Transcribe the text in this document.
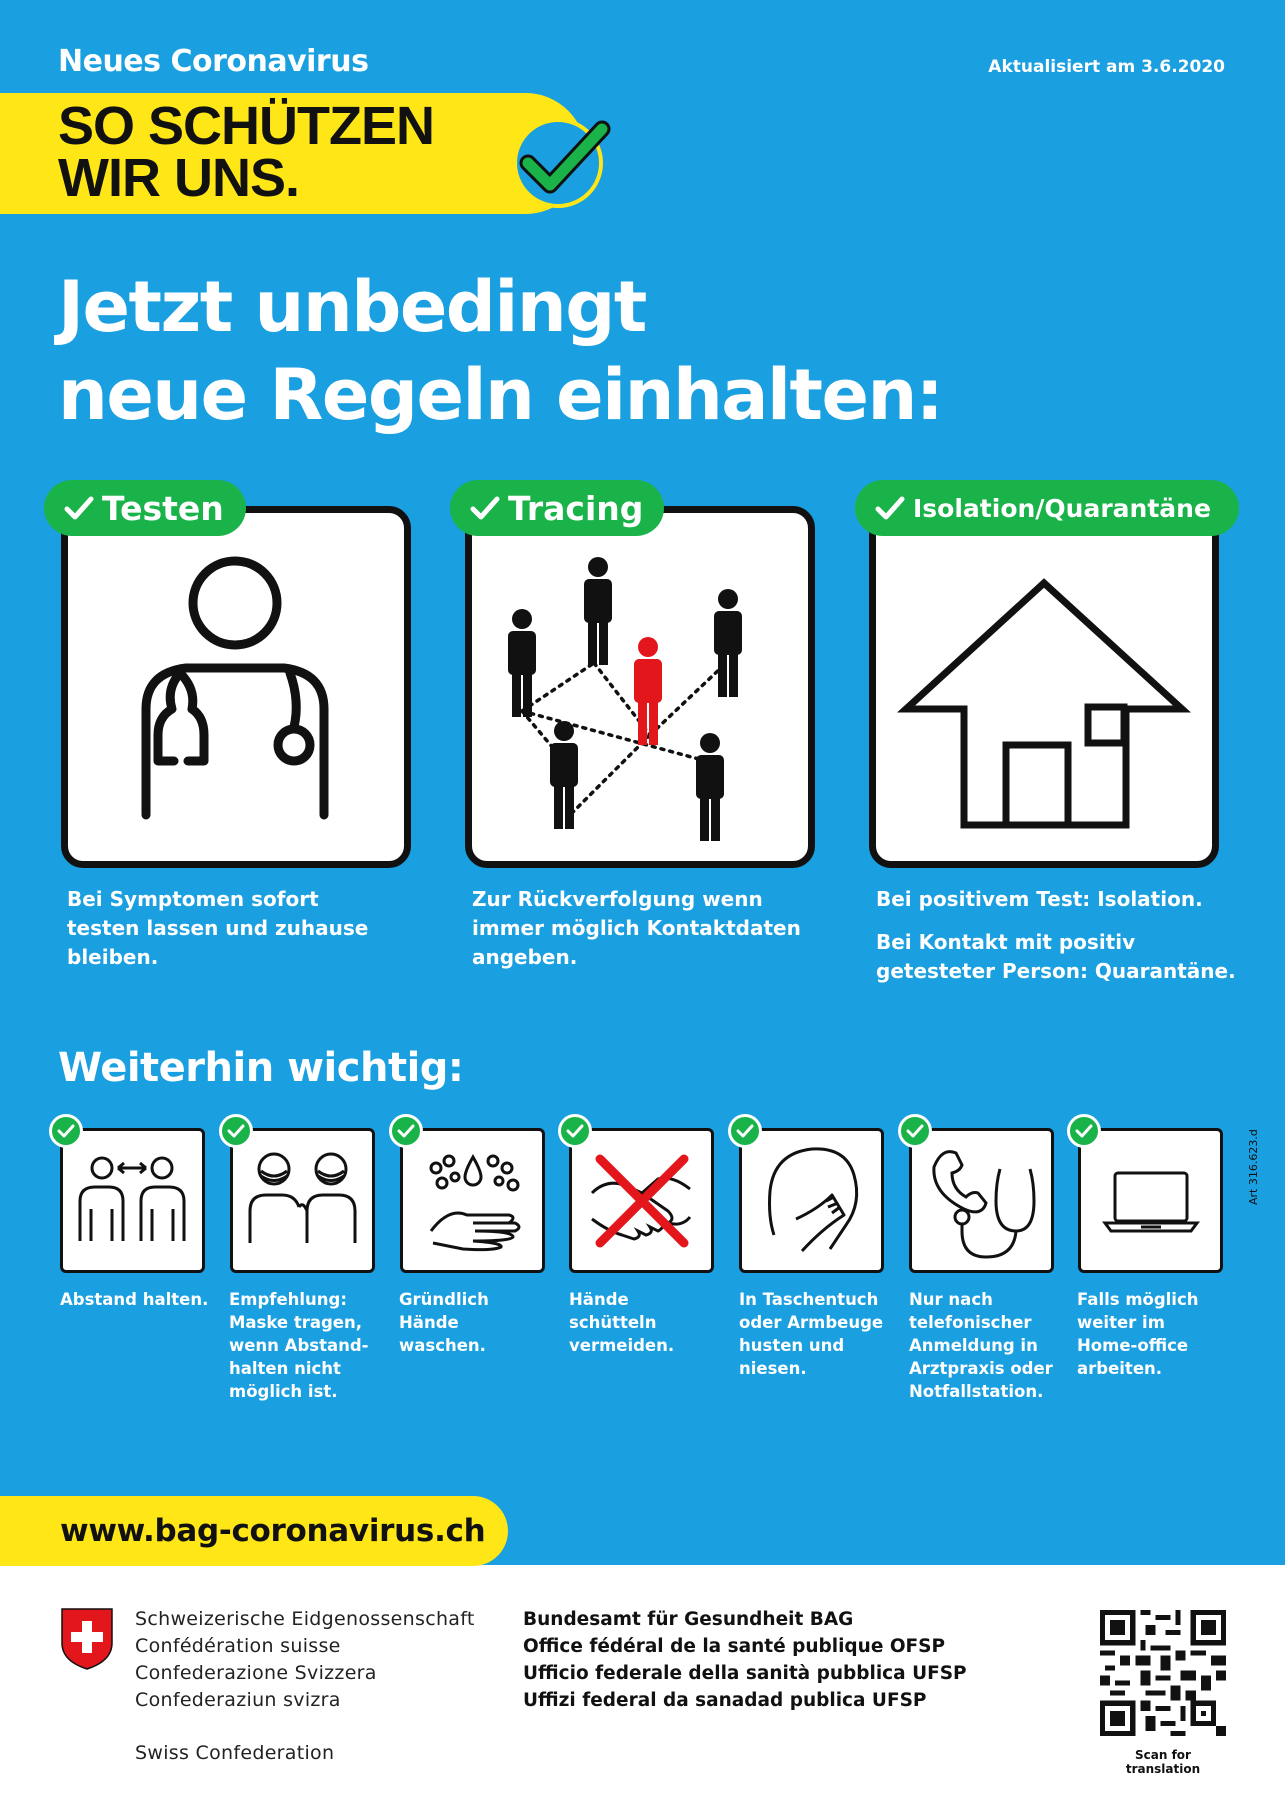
Neues Coronavirus	Aktualisiert am 3.6.2020
SO SCHÜTZEN
WIR UNS.
Jetzt unbedingt
neue Regeln einhalten:
Testen
Bei Symptomen sofort testen lassen und zuhause bleiben.
Tracing
Zur Rückverfolgung wenn immer möglich Kontaktdaten angeben.
Isolation/Quarantäne
Bei positivem Test: Isolation.
Bei Kontakt mit positiv getesteter Person: Quarantäne.
Weiterhin wichtig:
Abstand halten.	Empfehlung: Maske tragen, wenn Abstand-halten nicht möglich ist.
Gründlich Hände waschen.
Hände schütteln vermeiden.
In Taschentuch oder Armbeuge husten und niesen.
Nur nach telefonischer Anmeldung in Arztpraxis oder Notfallstation.
Falls möglich weiter im Home-office arbeiten.
Art 316.623.d
www.bag-coronavirus.ch
Schweizerische Eidgenossenschaft
Confédération suisse
Confederazione Svizzera
Confederaziun svizra
Swiss Confederation
Bundesamt für Gesundheit BAG
Office fédéral de la santé publique OFSP
Ufficio federale della sanità pubblica UFSP
Uffizi federal da sanadad publica UFSP
Scan for translation
